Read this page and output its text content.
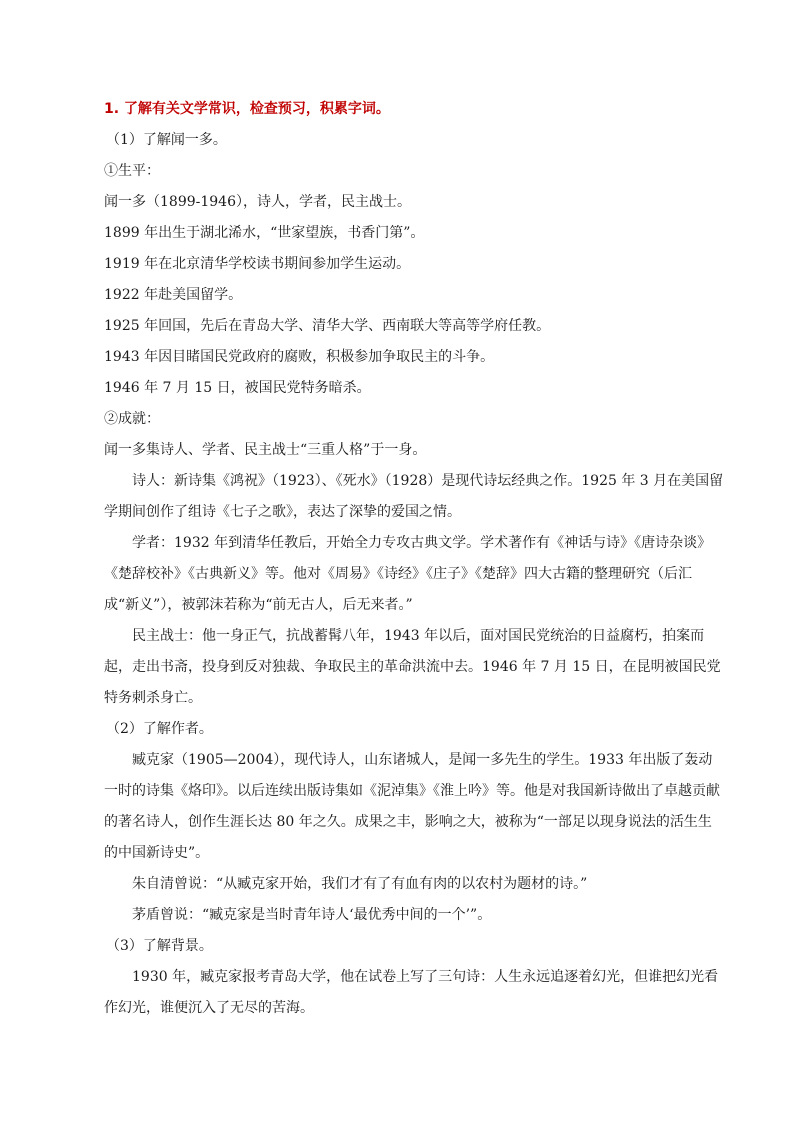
1. 了解有关文学常识，检查预习，积累字词。
（1）了解闻一多。
①生平：
闻一多（1899-1946），诗人，学者，民主战士。
1899 年出生于湖北浠水，“世家望族，书香门第”。
1919 年在北京清华学校读书期间参加学生运动。
1922 年赴美国留学。
1925 年回国，先后在青岛大学、清华大学、西南联大等高等学府任教。
1943 年因目睹国民党政府的腐败，积极参加争取民主的斗争。
1946 年 7 月 15 日，被国民党特务暗杀。
②成就：
闻一多集诗人、学者、民主战士“三重人格”于一身。
诗人：新诗集《鸿祝》（1923）、《死水》（1928）是现代诗坛经典之作。1925 年 3 月在美国留学期间创作了组诗《七子之歌》，表达了深挚的爱国之情。
学者：1932 年到清华任教后，开始全力专攻古典文学。学术著作有《神话与诗》《唐诗杂谈》《楚辞校补》《古典新义》等。他对《周易》《诗经》《庄子》《楚辞》四大古籍的整理研究（后汇成“新义”），被郭沫若称为“前无古人，后无来者。”
民主战士：他一身正气，抗战蓄髯八年，1943 年以后，面对国民党统治的日益腐朽，拍案而起，走出书斋，投身到反对独裁、争取民主的革命洪流中去。1946 年 7 月 15 日，在昆明被国民党特务刺杀身亡。
（2）了解作者。
臧克家（1905—2004），现代诗人，山东诸城人，是闻一多先生的学生。1933 年出版了轰动一时的诗集《烙印》。以后连续出版诗集如《泥淖集》《淮上吟》等。他是对我国新诗做出了卓越贡献的著名诗人，创作生涯长达 80 年之久。成果之丰，影响之大，被称为“一部足以现身说法的活生生的中国新诗史”。
朱自清曾说：“从臧克家开始，我们才有了有血有肉的以农村为题材的诗。”
茅盾曾说：“臧克家是当时青年诗人‘最优秀中间的一个’”。
（3）了解背景。
1930 年，臧克家报考青岛大学，他在试卷上写了三句诗：人生永远追逐着幻光，但谁把幻光看作幻光，谁便沉入了无尽的苦海。
